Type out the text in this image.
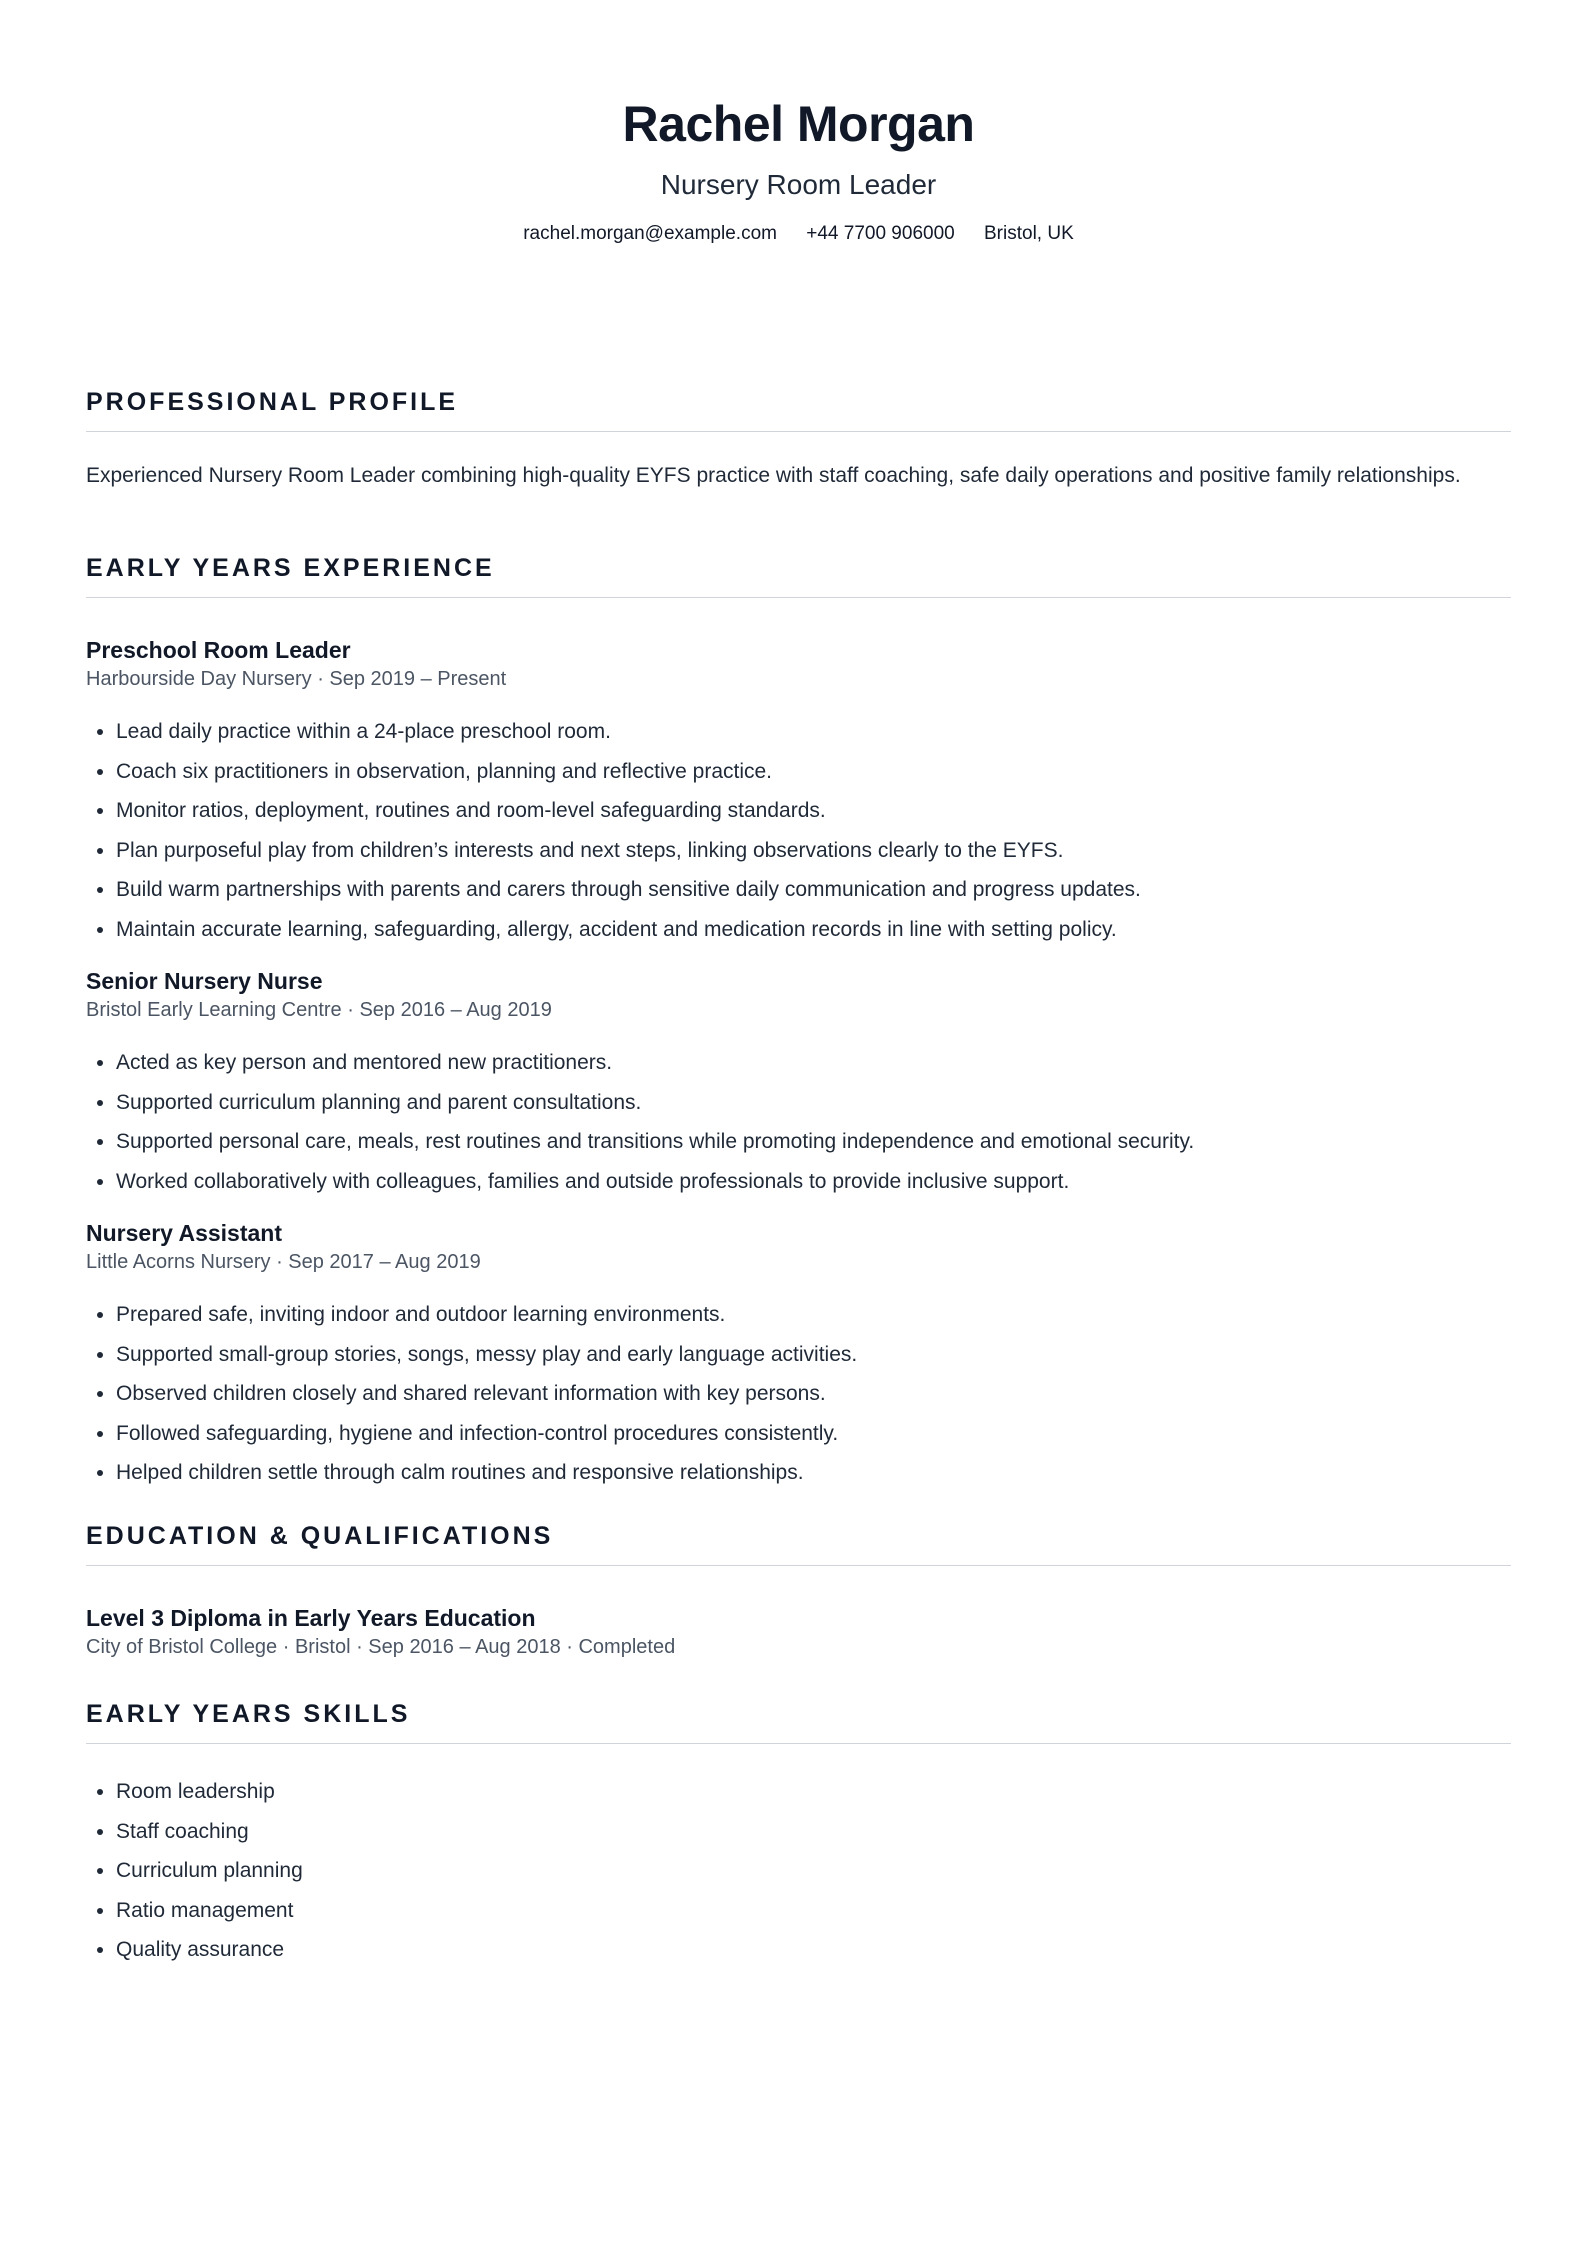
Rachel Morgan
Nursery Room Leader
rachel.morgan@example.com +44 7700 906000 Bristol, UK
PROFESSIONAL PROFILE
Experienced Nursery Room Leader combining high-quality EYFS practice with staff coaching, safe daily operations and positive family relationships.
EARLY YEARS EXPERIENCE
Preschool Room Leader
Harbourside Day Nursery · Sep 2019 – Present
• Lead daily practice within a 24-place preschool room.
• Coach six practitioners in observation, planning and reflective practice.
• Monitor ratios, deployment, routines and room-level safeguarding standards.
• Plan purposeful play from children’s interests and next steps, linking observations clearly to the EYFS.
• Build warm partnerships with parents and carers through sensitive daily communication and progress updates.
• Maintain accurate learning, safeguarding, allergy, accident and medication records in line with setting policy.
Senior Nursery Nurse
Bristol Early Learning Centre · Sep 2016 – Aug 2019
• Acted as key person and mentored new practitioners.
• Supported curriculum planning and parent consultations.
• Supported personal care, meals, rest routines and transitions while promoting independence and emotional security.
• Worked collaboratively with colleagues, families and outside professionals to provide inclusive support.
Nursery Assistant
Little Acorns Nursery · Sep 2017 – Aug 2019
• Prepared safe, inviting indoor and outdoor learning environments.
• Supported small-group stories, songs, messy play and early language activities.
• Observed children closely and shared relevant information with key persons.
• Followed safeguarding, hygiene and infection-control procedures consistently.
• Helped children settle through calm routines and responsive relationships.
EDUCATION & QUALIFICATIONS
Level 3 Diploma in Early Years Education
City of Bristol College · Bristol · Sep 2016 – Aug 2018 · Completed
EARLY YEARS SKILLS
• Room leadership
• Staff coaching
• Curriculum planning
• Ratio management
• Quality assurance
